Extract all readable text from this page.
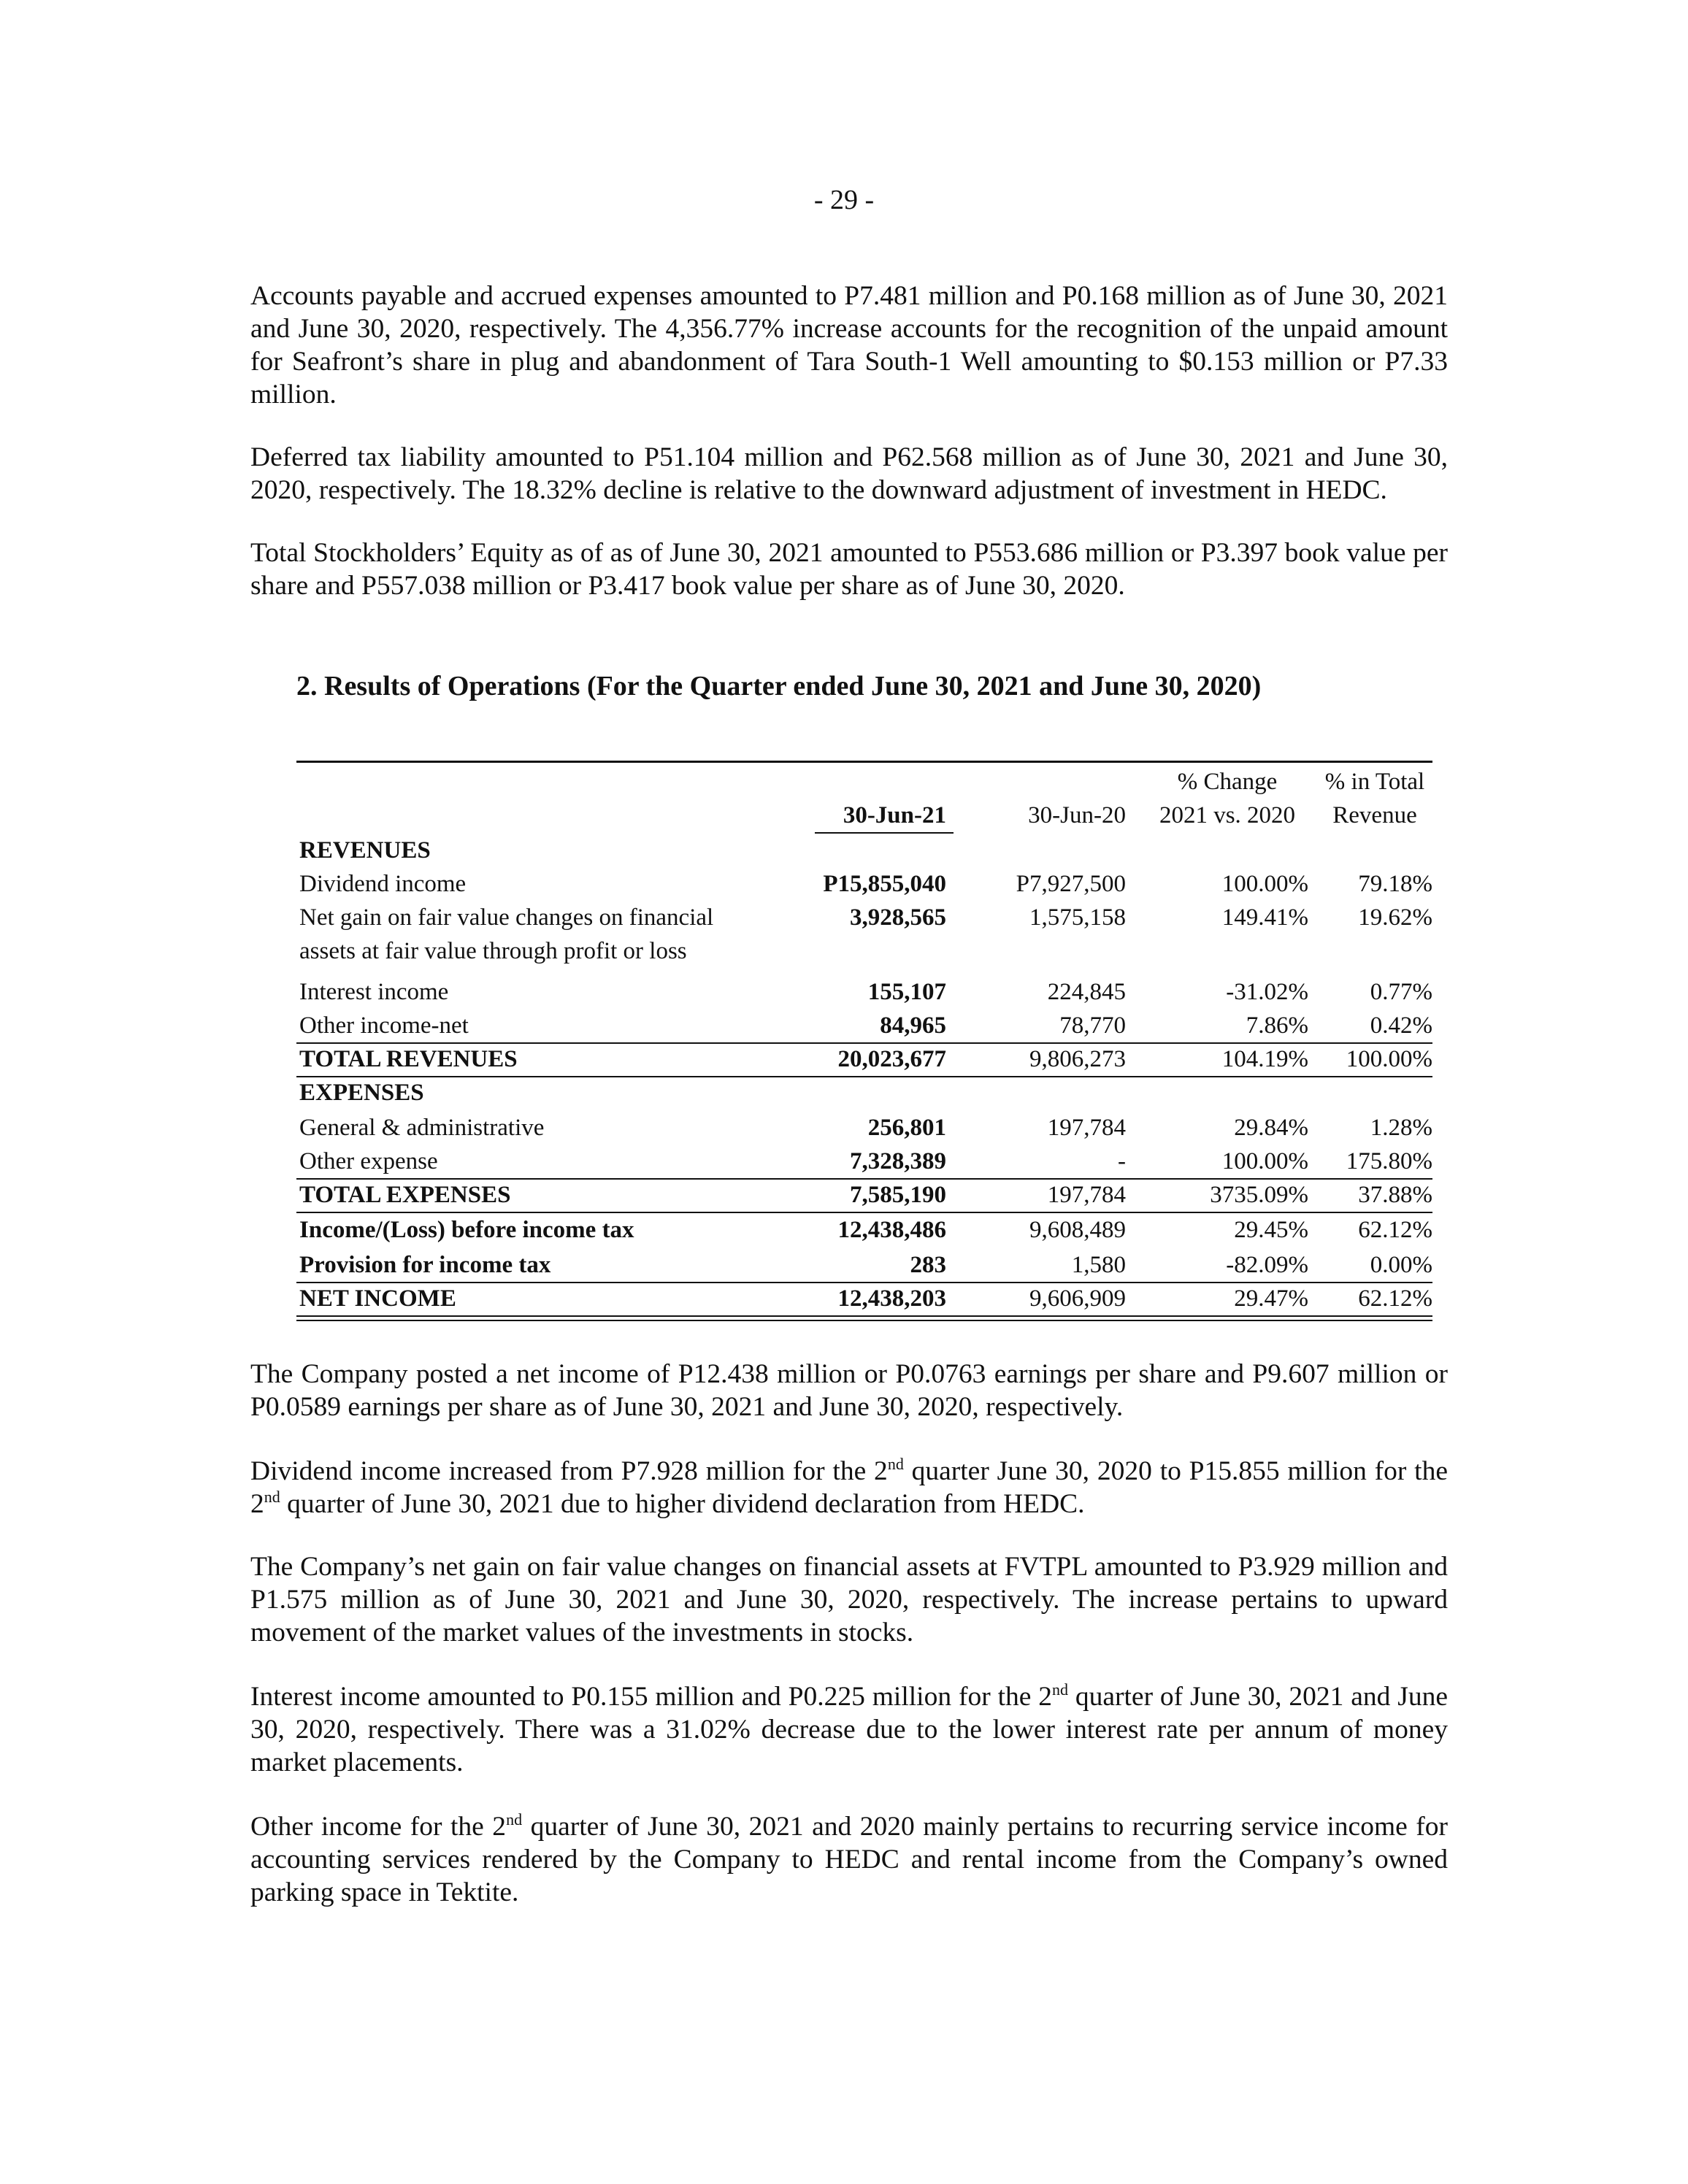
- 29 -

Accounts payable and accrued expenses amounted to P7.481 million and P0.168 million as of June 30, 2021 and June 30, 2020, respectively. The 4,356.77% increase accounts for the recognition of the unpaid amount for Seafront’s share in plug and abandonment of Tara South-1 Well amounting to $0.153 million or P7.33 million.

Deferred tax liability amounted to P51.104 million and P62.568 million as of June 30, 2021 and June 30, 2020, respectively. The 18.32% decline is relative to the downward adjustment of investment in HEDC.

Total Stockholders’ Equity as of as of June 30, 2021 amounted to P553.686 million or P3.397 book value per share and P557.038 million or P3.417 book value per share as of June 30, 2020.

2. Results of Operations (For the Quarter ended June 30, 2021 and June 30, 2020)
% Change	% in Total
30-Jun-21	30-Jun-20	2021 vs. 2020	Revenue
REVENUES
Dividend income	P15,855,040	P7,927,500	100.00%	79.18%
Net gain on fair value changes on financial	3,928,565	1,575,158	149.41%	19.62%
assets at fair value through profit or loss
Interest income	155,107	224,845	-31.02%	0.77%
Other income-net	84,965	78,770	7.86%	0.42%
TOTAL REVENUES	20,023,677	9,806,273	104.19%	100.00%
EXPENSES
General & administrative	256,801	197,784	29.84%	1.28%
Other expense	7,328,389	-	100.00%	175.80%
TOTAL EXPENSES	7,585,190	197,784	3735.09%	37.88%
Income/(Loss) before income tax	12,438,486	9,608,489	29.45%	62.12%
Provision for income tax	283	1,580	-82.09%	0.00%
NET INCOME	12,438,203	9,606,909	29.47%	62.12%

The Company posted a net income of P12.438 million or P0.0763 earnings per share and P9.607 million or P0.0589 earnings per share as of June 30, 2021 and June 30, 2020, respectively.

Dividend income increased from P7.928 million for the 2nd quarter June 30, 2020 to P15.855 million for the 2nd quarter of June 30, 2021 due to higher dividend declaration from HEDC.

The Company’s net gain on fair value changes on financial assets at FVTPL amounted to P3.929 million and P1.575 million as of June 30, 2021 and June 30, 2020, respectively. The increase pertains to upward movement of the market values of the investments in stocks.

Interest income amounted to P0.155 million and P0.225 million for the 2nd quarter of June 30, 2021 and June 30, 2020, respectively. There was a 31.02% decrease due to the lower interest rate per annum of money market placements.

Other income for the 2nd quarter of June 30, 2021 and 2020 mainly pertains to recurring service income for accounting services rendered by the Company to HEDC and rental income from the Company’s owned parking space in Tektite.
